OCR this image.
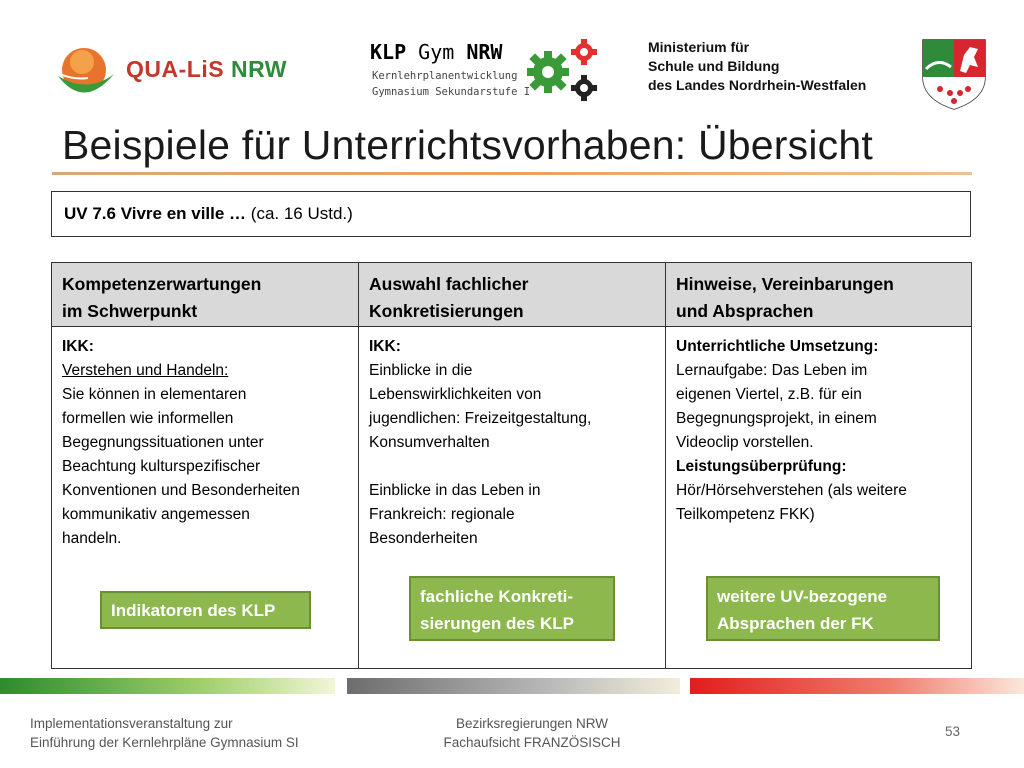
QUA-LiS NRW
KLP Gym NRW
Kernlehrplanentwicklung
Gymnasium Sekundarstufe I
Ministerium für
Schule und Bildung
des Landes Nordrhein-Westfalen
Beispiele für Unterrichtsvorhaben: Übersicht
UV 7.6 Vivre en ville … (ca. 16 Ustd.)
Kompetenzerwartungen
im Schwerpunkt
IKK:
Verstehen und Handeln:
Sie können in elementaren
formellen wie informellen
Begegnungssituationen unter
Beachtung kulturspezifischer
Konventionen und Besonderheiten
kommunikativ angemessen
handeln.
Auswahl fachlicher
Konkretisierungen
IKK:
Einblicke in die
Lebenswirklichkeiten von
jugendlichen: Freizeitgestaltung,
Konsumverhalten
Einblicke in das Leben in
Frankreich: regionale
Besonderheiten
Hinweise, Vereinbarungen
und Absprachen
Unterrichtliche Umsetzung:
Lernaufgabe: Das Leben im
eigenen Viertel, z.B. für ein
Begegnungsprojekt, in einem
Videoclip vorstellen.
Leistungsüberprüfung:
Hör/Hörsehverstehen (als weitere
Teilkompetenz FKK)
Indikatoren des KLP
fachliche Konkreti-
sierungen des KLP
weitere UV-bezogene
Absprachen der FK
Implementationsveranstaltung zur
Einführung der Kernlehrpläne Gymnasium SI
Bezirksregierungen NRW
Fachaufsicht FRANZÖSISCH
53
